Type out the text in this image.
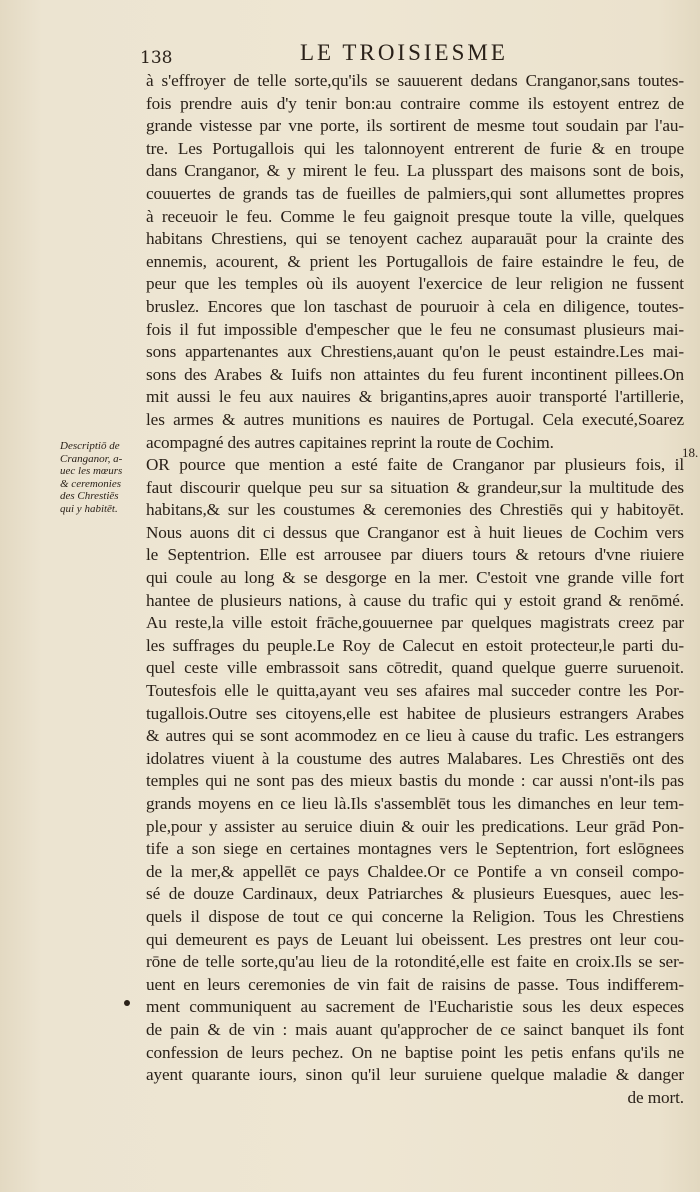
138	LE TROISIESME
Descriptiō de
Cranganor, a-
uec les mœurs
& ceremonies
des Chrestiēs
qui y habitēt.
18.
à s'effroyer de telle sorte,qu'ils se sauuerent dedans Cranganor,sans toutes-
fois prendre auis d'y tenir bon:au contraire comme ils estoyent entrez de
grande vistesse par vne porte, ils sortirent de mesme tout soudain par l'au-
tre. Les Portugallois qui les talonnoyent entrerent de furie & en troupe
dans Cranganor, & y mirent le feu. La plusspart des maisons sont de bois,
couuertes de grands tas de fueilles de palmiers,qui sont allumettes propres
à receuoir le feu. Comme le feu gaignoit presque toute la ville, quelques
habitans Chrestiens, qui se tenoyent cachez auparauāt pour la crainte des
ennemis, acourent, & prient les Portugallois de faire estaindre le feu, de
peur que les temples où ils auoyent l'exercice de leur religion ne fussent
bruslez. Encores que lon taschast de pouruoir à cela en diligence, toutes-
fois il fut impossible d'empescher que le feu ne consumast plusieurs mai-
sons appartenantes aux Chrestiens,auant qu'on le peust estaindre.Les mai-
sons des Arabes & Iuifs non attaintes du feu furent incontinent pillees.On
mit aussi le feu aux nauires & brigantins,apres auoir transporté l'artillerie,
les armes & autres munitions es nauires de Portugal. Cela executé,Soarez
acompagné des autres capitaines reprint la route de Cochim.
OR pource que mention a esté faite de Cranganor par plusieurs fois, il
faut discourir quelque peu sur sa situation & grandeur,sur la multitude des
habitans,& sur les coustumes & ceremonies des Chrestiēs qui y habitoyēt.
Nous auons dit ci dessus que Cranganor est à huit lieues de Cochim vers
le Septentrion. Elle est arrousee par diuers tours & retours d'vne riuiere
qui coule au long & se desgorge en la mer. C'estoit vne grande ville fort
hantee de plusieurs nations, à cause du trafic qui y estoit grand & renōmé.
Au reste,la ville estoit frāche,gouuernee par quelques magistrats creez par
les suffrages du peuple.Le Roy de Calecut en estoit protecteur,le parti du-
quel ceste ville embrassoit sans cōtredit, quand quelque guerre suruenoit.
Toutesfois elle le quitta,ayant veu ses afaires mal succeder contre les Por-
tugallois.Outre ses citoyens,elle est habitee de plusieurs estrangers Arabes
& autres qui se sont acommodez en ce lieu à cause du trafic. Les estrangers
idolatres viuent à la coustume des autres Malabares. Les Chrestiēs ont des
temples qui ne sont pas des mieux bastis du monde : car aussi n'ont-ils pas
grands moyens en ce lieu là.Ils s'assemblēt tous les dimanches en leur tem-
ple,pour y assister au seruice diuin & ouir les predications. Leur grād Pon-
tife a son siege en certaines montagnes vers le Septentrion, fort eslōgnees
de la mer,& appellēt ce pays Chaldee.Or ce Pontife a vn conseil compo-
sé de douze Cardinaux, deux Patriarches & plusieurs Euesques, auec les-
quels il dispose de tout ce qui concerne la Religion. Tous les Chrestiens
qui demeurent es pays de Leuant lui obeissent. Les prestres ont leur cou-
rōne de telle sorte,qu'au lieu de la rotondité,elle est faite en croix.Ils se ser-
uent en leurs ceremonies de vin fait de raisins de passe. Tous indifferem-
ment communiquent au sacrement de l'Eucharistie sous les deux especes
de pain & de vin : mais auant qu'approcher de ce sainct banquet ils font
confession de leurs pechez. On ne baptise point les petis enfans qu'ils ne
ayent quarante iours, sinon qu'il leur suruiene quelque maladie & danger
de mort.
